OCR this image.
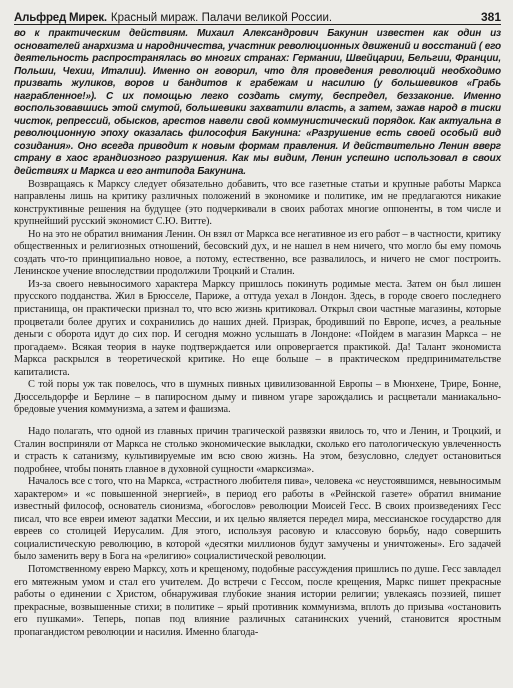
Альфред Мирек. Красный мираж. Палачи великой России.	381

во к практическим действиям. Михаил Александрович Бакунин известен как один из основателей анархизма и народничества, участник революционных движений и восстаний ( его деятельность распространялась во многих странах: Германии, Швейцарии, Бельгии, Франции, Польши, Чехии, Италии). Именно он говорил, что для проведения революций необходимо призвать жуликов, воров и бандитов к грабежам и насилию (у большевиков «Грабь награбленное!»). С их помощью легко создать смуту, беспредел, беззаконие. Именно воспользовавшись этой смутой, большевики захватили власть, а затем, зажав народ в тиски чисток, репрессий, обысков, арестов навели свой коммунистический порядок. Как актуальна в революционную эпоху оказалась философия Бакунина: «Разрушение есть своей особый вид созидания». Оно всегда приводит к новым формам правления. И действительно Ленин вверг страну в хаос грандиозного разрушения. Как мы видим, Ленин успешно использовал в своих действиях и Маркса и его антипода Бакунина.

Возвращаясь к Марксу следует обязательно добавить, что все газетные статьи и крупные работы Маркса направлены лишь на критику различных положений в экономике и политике, им не предлагаются никакие конструктивные решения на будущее (это подчеркивали в своих работах многие оппоненты, в том числе и крупнейший русский экономист С.Ю. Витте).

Но на это не обратил внимания Ленин. Он взял от Маркса все негативное из его работ – в частности, критику общественных и религиозных отношений, бесовский дух, и не нашел в нем ничего, что могло бы ему помочь создать что-то принципиально новое, а потому, естественно, все развалилось, и ничего не смог построить. Ленинское учение впоследствии продолжили Троцкий и Сталин.

Из-за своего невыносимого характера Марксу пришлось покинуть родимые места. Затем он был лишен прусского подданства. Жил в Брюсселе, Париже, а оттуда уехал в Лондон. Здесь, в городе своего последнего пристанища, он практически признал то, что всю жизнь критиковал. Открыл свои частные магазины, которые процветали более других и сохранились до наших дней. Призрак, бродивший по Европе, исчез, а реальные деньги с оборота идут до сих пор. И сегодня можно услышать в Лондоне: «Пойдем в магазин Маркса – не прогадаем». Всякая теория в науке подтверждается или опровергается практикой. Да! Талант экономиста Маркса раскрылся в теоретической критике. Но еще больше – в практическом предпринимательстве капиталиста.

С той поры уж так повелось, что в шумных пивных цивилизованной Европы – в Мюнхене, Трире, Бонне, Дюссельдорфе и Берлине – в папиросном дыму и пивном угаре зарождались и расцветали маниакально-бредовые учения коммунизма, а затем и фашизма.

Надо полагать, что одной из главных причин трагической развязки явилось то, что и Ленин, и Троцкий, и Сталин восприняли от Маркса не столько экономические выкладки, сколько его патологическую увлеченность и страсть к сатанизму, культивируемые им всю свою жизнь. На этом, безусловно, следует остановиться подробнее, чтобы понять главное в духовной сущности «марксизма».

Началось все с того, что на Маркса, «страстного любителя пива», человека «с неустоявшимся, невыносимым характером» и «с повышенной энергией», в период его работы в «Рейнской газете» обратил внимание известный философ, основатель сионизма, «богослов» революции Моисей Гесс. В своих произведениях Гесс писал, что все евреи имеют задатки Мессии, и их целью является передел мира, мессианское государство для евреев со столицей Иерусалим. Для этого, используя расовую и классовую борьбу, надо совершить социалистическую революцию, в которой «десятки миллионов будут замучены и уничтожены». Его задачей было заменить веру в Бога на «религию» социалистической революции.

Потомственному еврею Марксу, хоть и крещеному, подобные рассуждения пришлись по душе. Гесс завладел его мятежным умом и стал его учителем. До встречи с Гессом, после крещения, Маркс пишет прекрасные работы о единении с Христом, обнаруживая глубокие знания истории религии; увлекаясь поэзией, пишет прекрасные, возвышенные стихи; в политике – ярый противник коммунизма, вплоть до призыва «остановить его пушками». Теперь, попав под влияние различных сатанинских учений, становится яростным пропагандистом революции и насилия. Именно благода-
